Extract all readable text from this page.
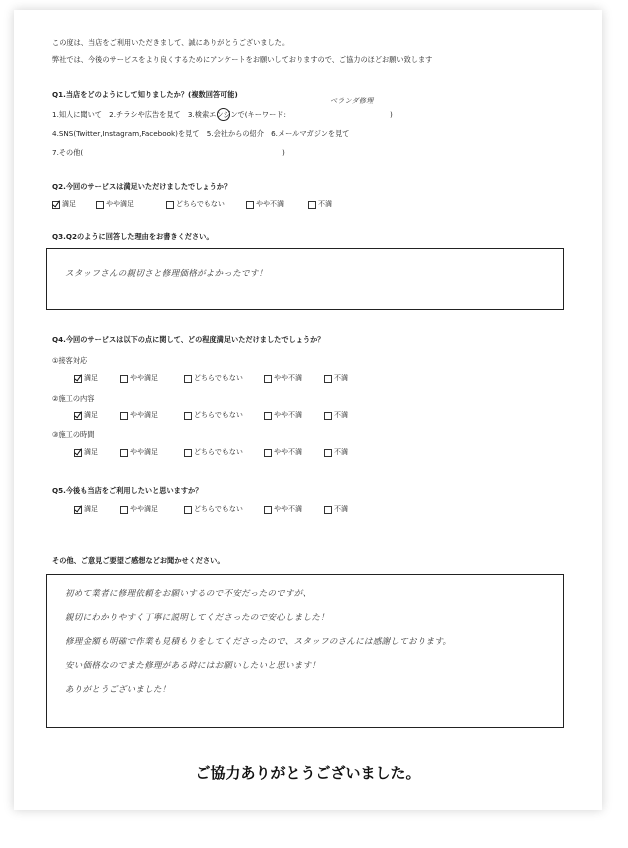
この度は、当店をご利用いただきまして、誠にありがとうございました。
弊社では、今後のサービスをより良くするためにアンケートをお願いしておりますので、ご協力のほどお願い致します
Q1.当店をどのようにして知りましたか？(複数回答可能)
1.知人に聞いて　2.チラシや広告を見て　3.検索エンジンで(キーワード:
ベランダ修理
)
4.SNS(Twitter,Instagram,Facebook)を見て　5.会社からの紹介　6.メールマガジンを見て
7.その他(	)
Q2.今回のサービスは満足いただけましたでしょうか？
満足	やや満足	どちらでもない	やや不満	不満
Q3.Q2のように回答した理由をお書きください。
スタッフさんの親切さと修理価格がよかったです！
Q4.今回のサービスは以下の点に関して、どの程度満足いただけましたでしょうか？
①接客対応
満足	やや満足	どちらでもない	やや不満	不満
②施工の内容
満足	やや満足	どちらでもない	やや不満	不満
③施工の時間
満足	やや満足	どちらでもない	やや不満	不満
Q5.今後も当店をご利用したいと思いますか？
満足	やや満足	どちらでもない	やや不満	不満
その他、ご意見ご要望ご感想などお聞かせください。
初めて業者に修理依頼をお願いするので不安だったのですが、
親切にわかりやすく丁寧に説明してくださったので安心しました！
修理金額も明確で作業も見積もりをしてくださったので、スタッフのさんには感謝しております。
安い価格なのでまた修理がある時にはお願いしたいと思います！
ありがとうございました！
ご協力ありがとうございました。
